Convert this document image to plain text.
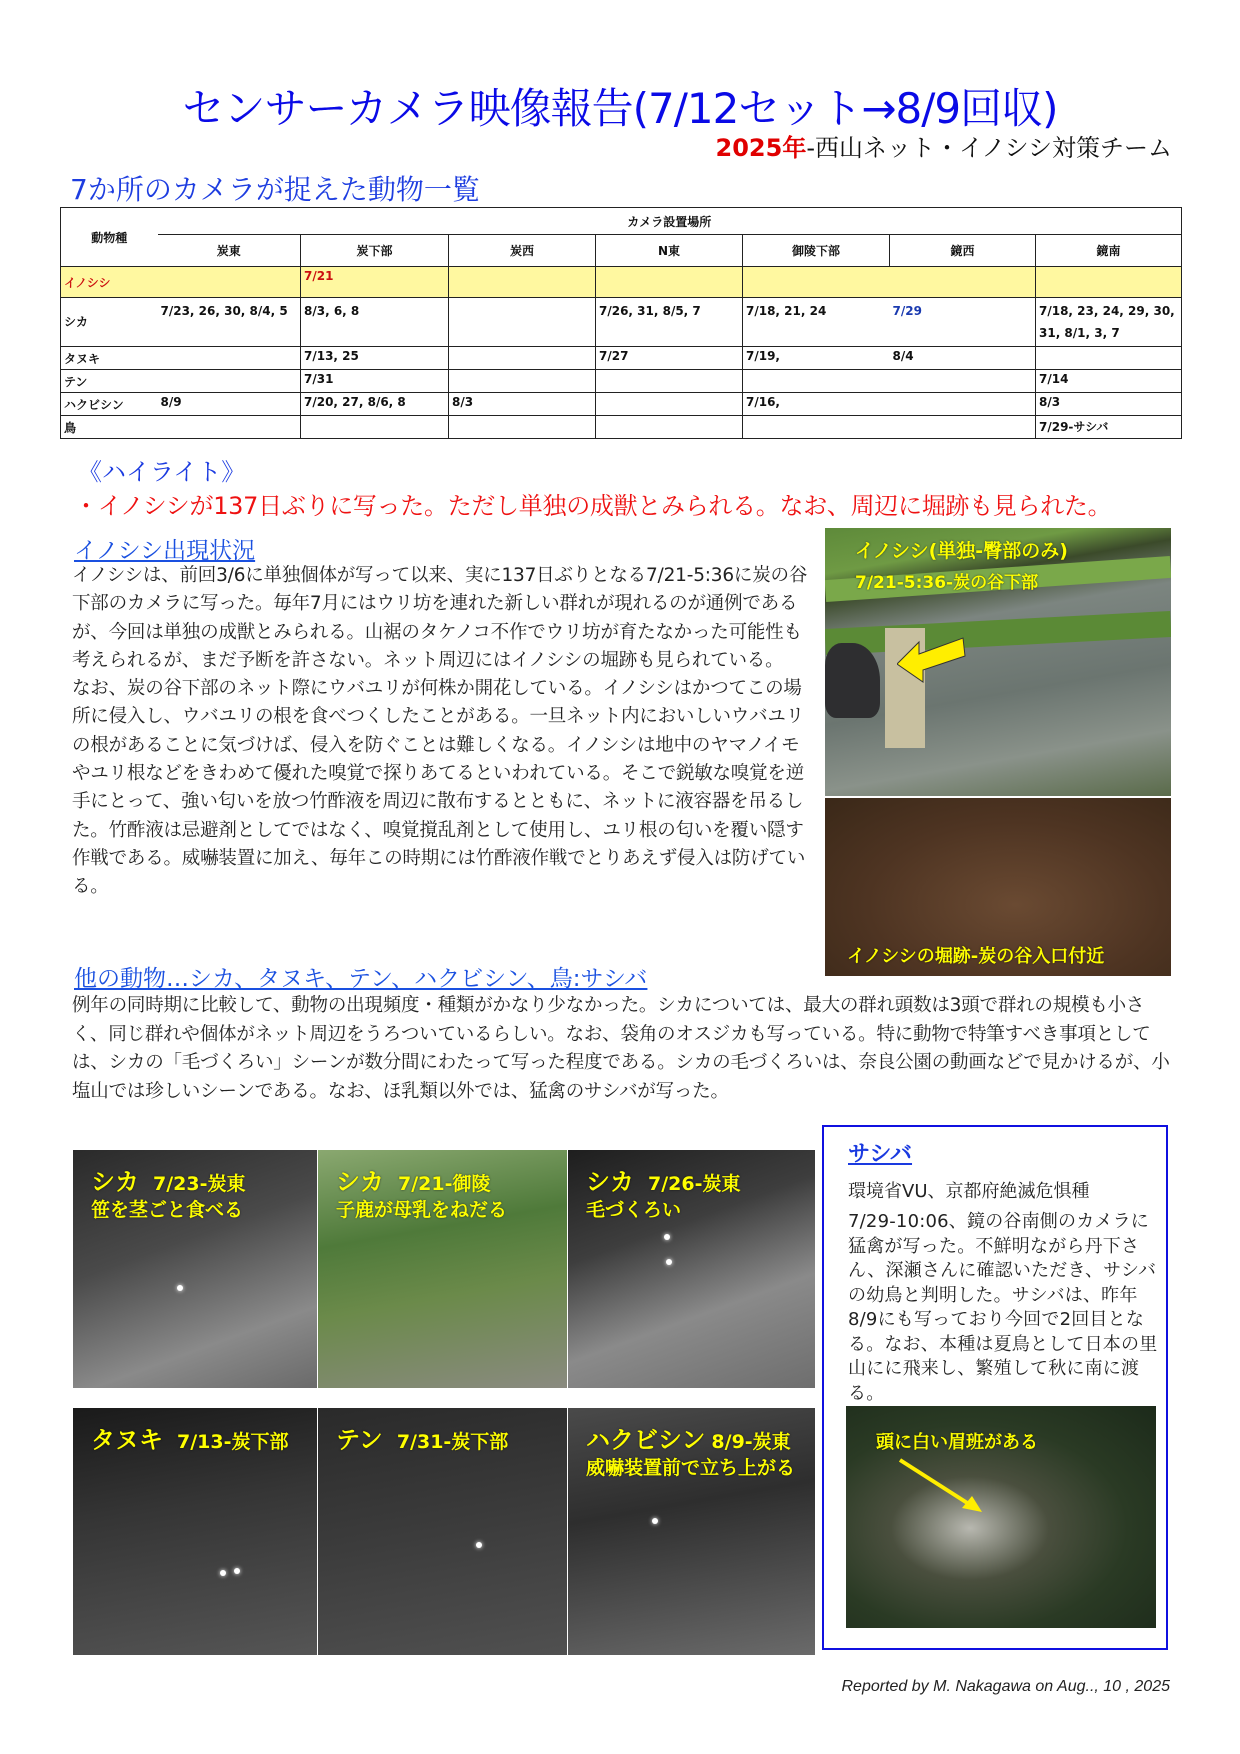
センサーカメラ映像報告(7/12セット→8/9回収)
2025年-西山ネット・イノシシ対策チーム
7か所のカメラが捉えた動物一覧
動物種	カメラ設置場所						
	炭東	炭下部	炭西	N東	御陵下部	鏡西	鏡南
イノシシ		7/21					
シカ	7/23, 26, 30, 8/4, 5	8/3, 6, 8		7/26, 31, 8/5, 7	7/18, 21, 24	7/29	7/18, 23, 24, 29, 30, 31, 8/1, 3, 7
タヌキ		7/13, 25		7/27	7/19,	8/4	
テン		7/31					7/14
ハクビシン	8/9	7/20, 27, 8/6, 8	8/3		7/16,		8/3
鳥							7/29-サシバ
《ハイライト》
・イノシシが137日ぶりに写った。ただし単独の成獣とみられる。なお、周辺に堀跡も見られた。
イノシシ出現状況

イノシシは、前回3/6に単独個体が写って以来、実に137日ぶりとなる7/21-5:36に炭の谷下部のカメラに写った。毎年7月にはウリ坊を連れた新しい群れが現れるのが通例であるが、今回は単独の成獣とみられる。山裾のタケノコ不作でウリ坊が育たなかった可能性も考えられるが、まだ予断を許さない。ネット周辺にはイノシシの堀跡も見られている。

なお、炭の谷下部のネット際にウバユリが何株か開花している。イノシシはかつてこの場所に侵入し、ウバユリの根を食べつくしたことがある。一旦ネット内においしいウバユリの根があることに気づけば、侵入を防ぐことは難しくなる。イノシシは地中のヤマノイモやユリ根などをきわめて優れた嗅覚で探りあてるといわれている。そこで鋭敏な嗅覚を逆手にとって、強い匂いを放つ竹酢液を周辺に散布するとともに、ネットに液容器を吊るした。竹酢液は忌避剤としてではなく、嗅覚撹乱剤として使用し、ユリ根の匂いを覆い隠す作戦である。威嚇装置に加え、毎年この時期には竹酢液作戦でとりあえず侵入は防げている。

イノシシ(単独-臀部のみ)
7/21-5:36-炭の谷下部
イノシシの堀跡-炭の谷入口付近
他の動物…シカ、タヌキ、テン、ハクビシン、鳥:サシバ
例年の同時期に比較して、動物の出現頻度・種類がかなり少なかった。シカについては、最大の群れ頭数は3頭で群れの規模も小さく、同じ群れや個体がネット周辺をうろついているらしい。なお、袋角のオスジカも写っている。特に動物で特筆すべき事項としては、シカの「毛づくろい」シーンが数分間にわたって写った程度である。シカの毛づくろいは、奈良公園の動画などで見かけるが、小塩山では珍しいシーンである。なお、ほ乳類以外では、猛禽のサシバが写った。
シカ 7/23-炭東
笹を茎ごと食べる
シカ 7/21-御陵
子鹿が母乳をねだる
シカ 7/26-炭東
毛づくろい
タヌキ 7/13-炭下部 テン 7/31-炭下部	ハクビシン 8/9-炭東
威嚇装置前で立ち上がる
サシバ
環境省VU、京都府絶滅危惧種
7/29-10:06、鏡の谷南側のカメラに猛禽が写った。不鮮明ながら丹下さん、深瀬さんに確認いただき、サシバの幼鳥と判明した。サシバは、昨年8/9にも写っており今回で2回目となる。なお、本種は夏鳥として日本の里山にに飛来し、繁殖して秋に南に渡る。
頭に白い眉班がある
Reported by M. Nakagawa on Aug.., 10 , 2025
